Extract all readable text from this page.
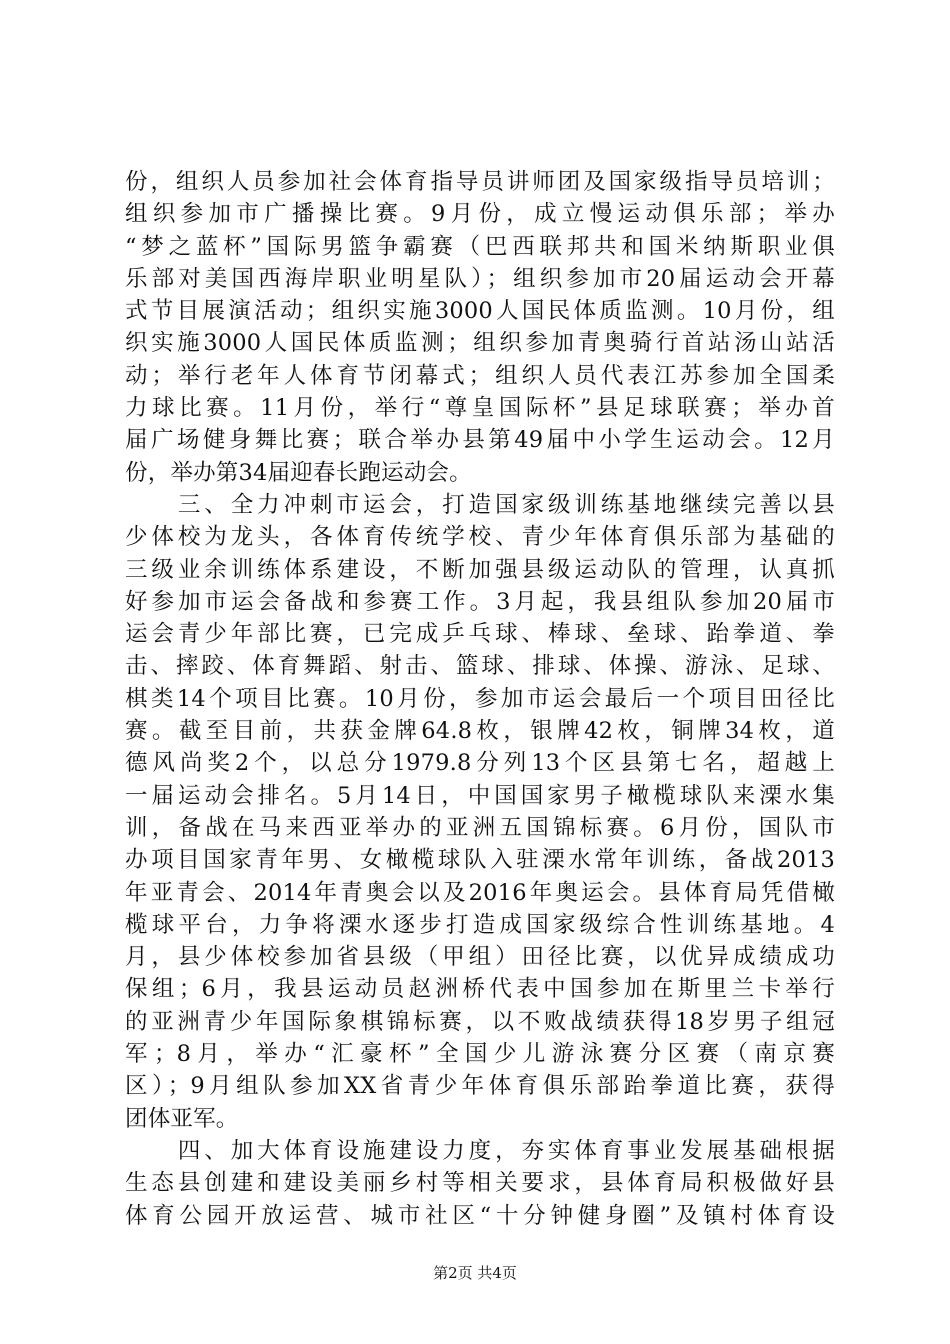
份，组织人员参加社会体育指导员讲师团及国家级指导员培训；
组织参加市广播操比赛。9月份，成立慢运动俱乐部；举办
“梦之蓝杯”国际男篮争霸赛（巴西联邦共和国米纳斯职业俱
乐部对美国西海岸职业明星队）；组织参加市20届运动会开幕
式节目展演活动；组织实施3000人国民体质监测。10月份，组
织实施3000人国民体质监测；组织参加青奥骑行首站汤山站活
动；举行老年人体育节闭幕式；组织人员代表江苏参加全国柔
力球比赛。11月份，举行“尊皇国际杯”县足球联赛；举办首
届广场健身舞比赛；联合举办县第49届中小学生运动会。12月
份，举办第34届迎春长跑运动会。
　　三、全力冲刺市运会，打造国家级训练基地继续完善以县
少体校为龙头，各体育传统学校、青少年体育俱乐部为基础的
三级业余训练体系建设，不断加强县级运动队的管理，认真抓
好参加市运会备战和参赛工作。3月起，我县组队参加20届市
运会青少年部比赛，已完成乒乓球、棒球、垒球、跆拳道、拳
击、摔跤、体育舞蹈、射击、篮球、排球、体操、游泳、足球、
棋类14个项目比赛。10月份，参加市运会最后一个项目田径比
赛。截至目前，共获金牌64.8枚，银牌42枚，铜牌34枚，道
德风尚奖2个，以总分1979.8分列13个区县第七名，超越上
一届运动会排名。5月14日，中国国家男子橄榄球队来溧水集
训，备战在马来西亚举办的亚洲五国锦标赛。6月份，国队市
办项目国家青年男、女橄榄球队入驻溧水常年训练，备战2013
年亚青会、2014年青奥会以及2016年奥运会。县体育局凭借橄
榄球平台，力争将溧水逐步打造成国家级综合性训练基地。4
月，县少体校参加省县级（甲组）田径比赛，以优异成绩成功
保组；6月，我县运动员赵洲桥代表中国参加在斯里兰卡举行
的亚洲青少年国际象棋锦标赛，以不败战绩获得18岁男子组冠
军；8月，举办“汇豪杯”全国少儿游泳赛分区赛（南京赛
区）；9月组队参加XX省青少年体育俱乐部跆拳道比赛，获得
团体亚军。
　　四、加大体育设施建设力度，夯实体育事业发展基础根据
生态县创建和建设美丽乡村等相关要求，县体育局积极做好县
体育公园开放运营、城市社区“十分钟健身圈”及镇村体育设
第2页 共4页
